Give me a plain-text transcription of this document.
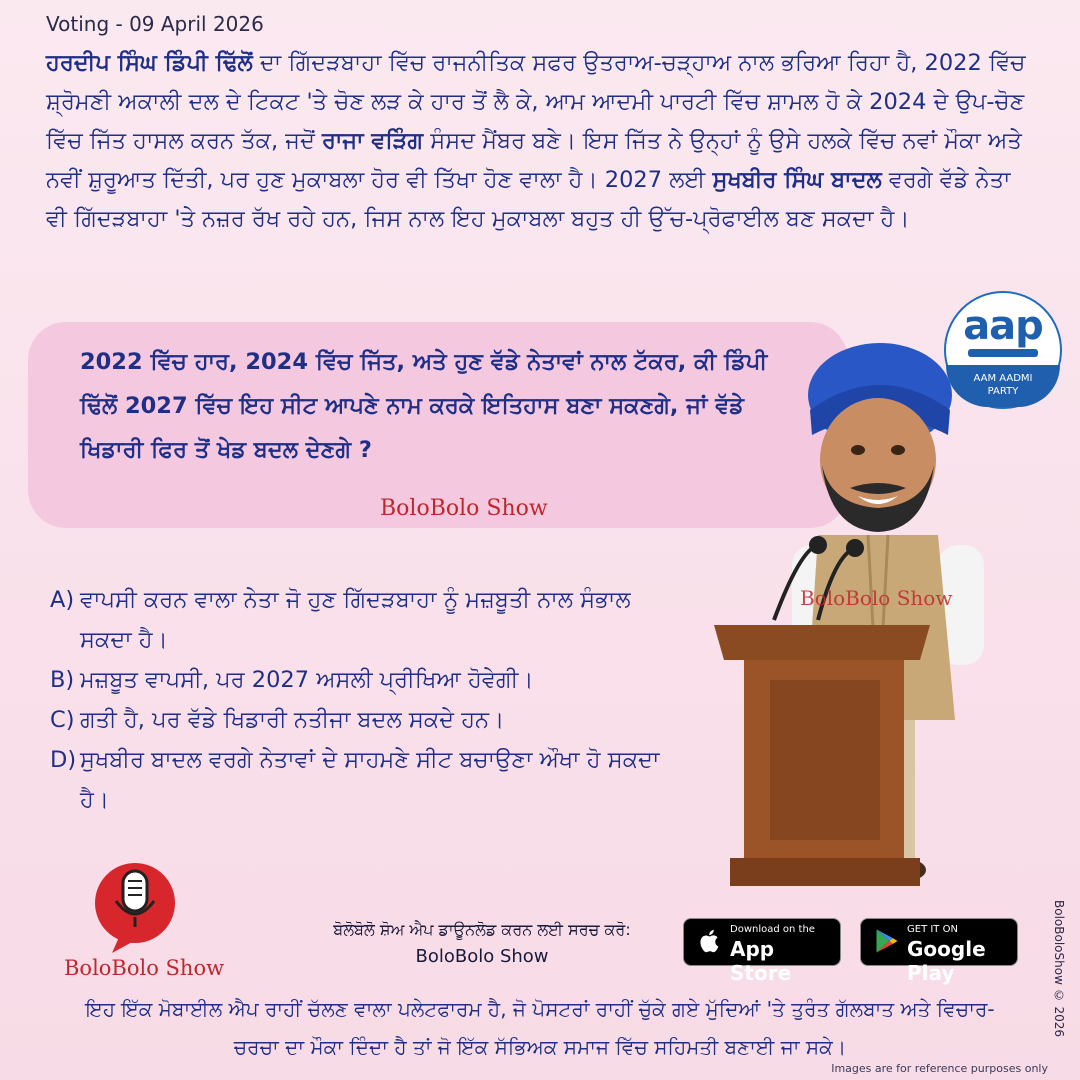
Voting - 09 April 2026
ਹਰਦੀਪ ਸਿੰਘ ਡਿੰਪੀ ਢਿੱਲੋਂ ਦਾ ਗਿੱਦੜਬਾਹਾ ਵਿੱਚ ਰਾਜਨੀਤਿਕ ਸਫਰ ਉਤਰਾਅ-ਚੜ੍ਹਾਅ ਨਾਲ ਭਰਿਆ ਰਿਹਾ ਹੈ, 2022 ਵਿੱਚ ਸ਼੍ਰੋਮਣੀ ਅਕਾਲੀ ਦਲ ਦੇ ਟਿਕਟ 'ਤੇ ਚੋਣ ਲੜ ਕੇ ਹਾਰ ਤੋਂ ਲੈ ਕੇ, ਆਮ ਆਦਮੀ ਪਾਰਟੀ ਵਿੱਚ ਸ਼ਾਮਲ ਹੋ ਕੇ 2024 ਦੇ ਉਪ-ਚੋਣ ਵਿੱਚ ਜਿੱਤ ਹਾਸਲ ਕਰਨ ਤੱਕ, ਜਦੋਂ ਰਾਜਾ ਵੜਿੰਗ ਸੰਸਦ ਮੈਂਬਰ ਬਣੇ। ਇਸ ਜਿੱਤ ਨੇ ਉਨ੍ਹਾਂ ਨੂੰ ਉਸੇ ਹਲਕੇ ਵਿੱਚ ਨਵਾਂ ਮੌਕਾ ਅਤੇ ਨਵੀਂ ਸ਼ੁਰੂਆਤ ਦਿੱਤੀ, ਪਰ ਹੁਣ ਮੁਕਾਬਲਾ ਹੋਰ ਵੀ ਤਿੱਖਾ ਹੋਣ ਵਾਲਾ ਹੈ। 2027 ਲਈ ਸੁਖਬੀਰ ਸਿੰਘ ਬਾਦਲ ਵਰਗੇ ਵੱਡੇ ਨੇਤਾ ਵੀ ਗਿੱਦੜਬਾਹਾ 'ਤੇ ਨਜ਼ਰ ਰੱਖ ਰਹੇ ਹਨ, ਜਿਸ ਨਾਲ ਇਹ ਮੁਕਾਬਲਾ ਬਹੁਤ ਹੀ ਉੱਚ-ਪ੍ਰੋਫਾਈਲ ਬਣ ਸਕਦਾ ਹੈ।
2022 ਵਿੱਚ ਹਾਰ, 2024 ਵਿੱਚ ਜਿੱਤ, ਅਤੇ ਹੁਣ ਵੱਡੇ ਨੇਤਾਵਾਂ ਨਾਲ ਟੱਕਰ, ਕੀ ਡਿੰਪੀ ਢਿੱਲੋਂ 2027 ਵਿੱਚ ਇਹ ਸੀਟ ਆਪਣੇ ਨਾਮ ਕਰਕੇ ਇਤਿਹਾਸ ਬਣਾ ਸਕਣਗੇ, ਜਾਂ ਵੱਡੇ ਖਿਡਾਰੀ ਫਿਰ ਤੋਂ ਖੇਡ ਬਦਲ ਦੇਣਗੇ ?
BoloBolo Show
aap
AAM AADMI
PARTY
BoloBolo Show
A) ਵਾਪਸੀ ਕਰਨ ਵਾਲਾ ਨੇਤਾ ਜੋ ਹੁਣ ਗਿੱਦੜਬਾਹਾ ਨੂੰ ਮਜ਼ਬੂਤੀ ਨਾਲ ਸੰਭਾਲ ਸਕਦਾ ਹੈ।
B) ਮਜ਼ਬੂਤ ਵਾਪਸੀ, ਪਰ 2027 ਅਸਲੀ ਪ੍ਰੀਖਿਆ ਹੋਵੇਗੀ।
C) ਗਤੀ ਹੈ, ਪਰ ਵੱਡੇ ਖਿਡਾਰੀ ਨਤੀਜਾ ਬਦਲ ਸਕਦੇ ਹਨ।
D) ਸੁਖਬੀਰ ਬਾਦਲ ਵਰਗੇ ਨੇਤਾਵਾਂ ਦੇ ਸਾਹਮਣੇ ਸੀਟ ਬਚਾਉਣਾ ਔਖਾ ਹੋ ਸਕਦਾ ਹੈ।
BoloBolo Show
ਬੋਲੋਬੋਲੋ ਸ਼ੋਅ ਐਪ ਡਾਊਨਲੋਡ ਕਰਨ ਲਈ ਸਰਚ ਕਰੋ:
BoloBolo Show
Download on the
App Store
GET IT ON
Google Play
ਇਹ ਇੱਕ ਮੋਬਾਈਲ ਐਪ ਰਾਹੀਂ ਚੱਲਣ ਵਾਲਾ ਪਲੇਟਫਾਰਮ ਹੈ, ਜੋ ਪੋਸਟਰਾਂ ਰਾਹੀਂ ਚੁੱਕੇ ਗਏ ਮੁੱਦਿਆਂ 'ਤੇ ਤੁਰੰਤ ਗੱਲਬਾਤ ਅਤੇ ਵਿਚਾਰ-ਚਰਚਾ ਦਾ ਮੌਕਾ ਦਿੰਦਾ ਹੈ ਤਾਂ ਜੋ ਇੱਕ ਸੱਭਿਅਕ ਸਮਾਜ ਵਿੱਚ ਸਹਿਮਤੀ ਬਣਾਈ ਜਾ ਸਕੇ।
BoloBoloShow © 2026
Images are for reference purposes only
